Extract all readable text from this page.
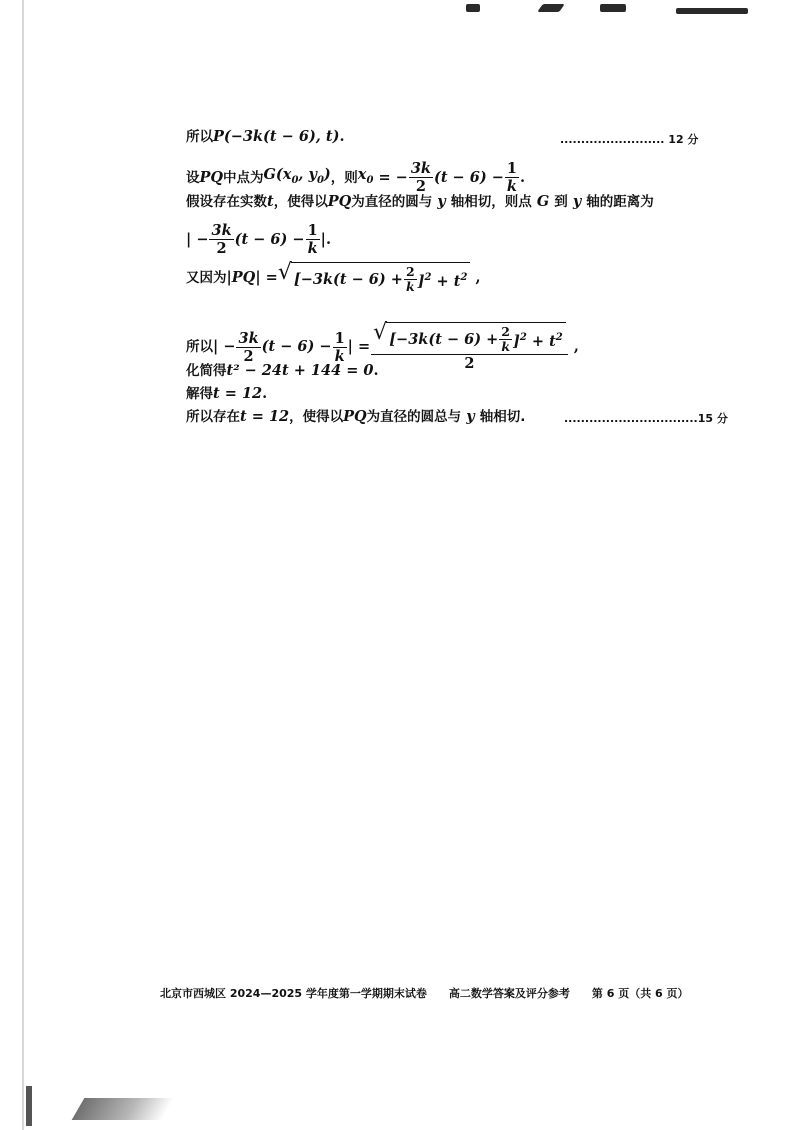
所以 P(−3k(t − 6), t) .	......................... 12 分
设 PQ 中点为 $G(x_0$, $y_0$) ，则 $x_0$ = − $\frac{3k}{2} (t - 6) - \frac{1}{k}$ .
假设存在实数 t ，使得以 PQ 为直径的圆与 y 轴相切，则点 G 到 y 轴的距离为
| − $\frac{3k}{2} (t - 6) - \frac{1}{k}$ |.
又因为 | PQ | = √ $[-3k(t - 6) + \frac{2}{k} ]^2 + t^2$ ,
所以 | − $\frac{3k}{2} (t - 6) - \frac{1}{k}$ | = $\frac{√ [-3k(t - 6) + \frac{2}{k} ]^2 + t^2}{2}$ ,
化简得 t² − 24t + 144 = 0 .
解得 t = 12 .
所以存在 t = 12 ，使得以 PQ 为直径的圆总与 y 轴相切.	................................15 分
北京市西城区 2024—2025 学年度第一学期期末试卷 高二数学答案及评分参考 第 6 页（共 6 页）
